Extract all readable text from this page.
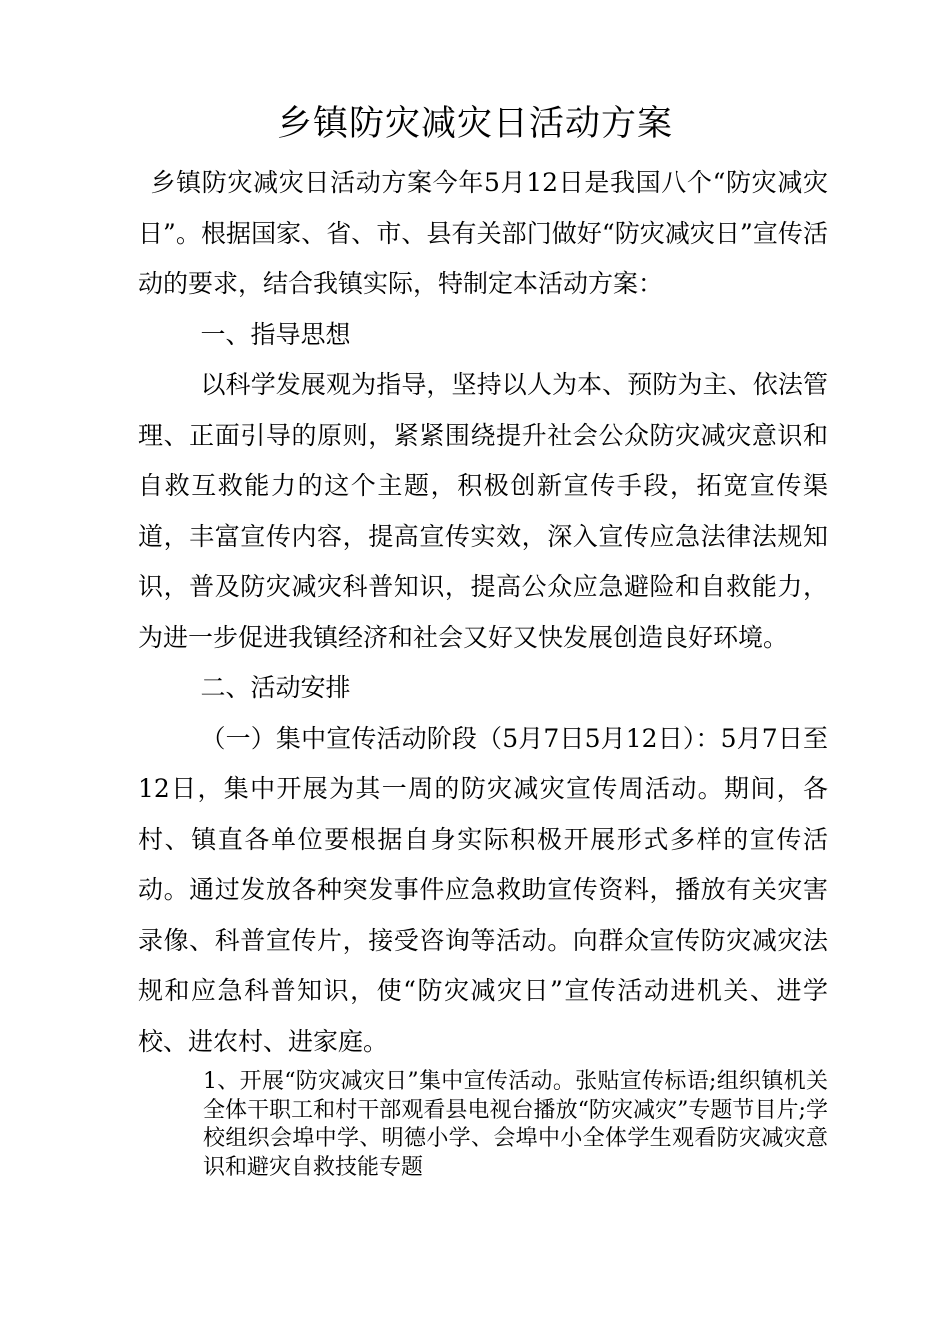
乡镇防灾减灾日活动方案

乡镇防灾减灾日活动方案今年5月12日是我国八个“防灾减灾日”。根据国家、省、市、县有关部门做好“防灾减灾日”宣传活动的要求，结合我镇实际，特制定本活动方案：

一、指导思想

以科学发展观为指导，坚持以人为本、预防为主、依法管理、正面引导的原则，紧紧围绕提升社会公众防灾减灾意识和自救互救能力的这个主题，积极创新宣传手段，拓宽宣传渠道，丰富宣传内容，提高宣传实效，深入宣传应急法律法规知识，普及防灾减灾科普知识，提高公众应急避险和自救能力，为进一步促进我镇经济和社会又好又快发展创造良好环境。

二、活动安排

（一）集中宣传活动阶段（5月7日5月12日）：5月7日至12日，集中开展为其一周的防灾减灾宣传周活动。期间，各村、镇直各单位要根据自身实际积极开展形式多样的宣传活动。通过发放各种突发事件应急救助宣传资料，播放有关灾害录像、科普宣传片，接受咨询等活动。向群众宣传防灾减灾法规和应急科普知识，使“防灾减灾日”宣传活动进机关、进学校、进农村、进家庭。

1、开展“防灾减灾日”集中宣传活动。张贴宣传标语;组织镇机关全体干职工和村干部观看县电视台播放“防灾减灾”专题节目片;学校组织会埠中学、明德小学、会埠中小全体学生观看防灾减灾意识和避灾自救技能专题
